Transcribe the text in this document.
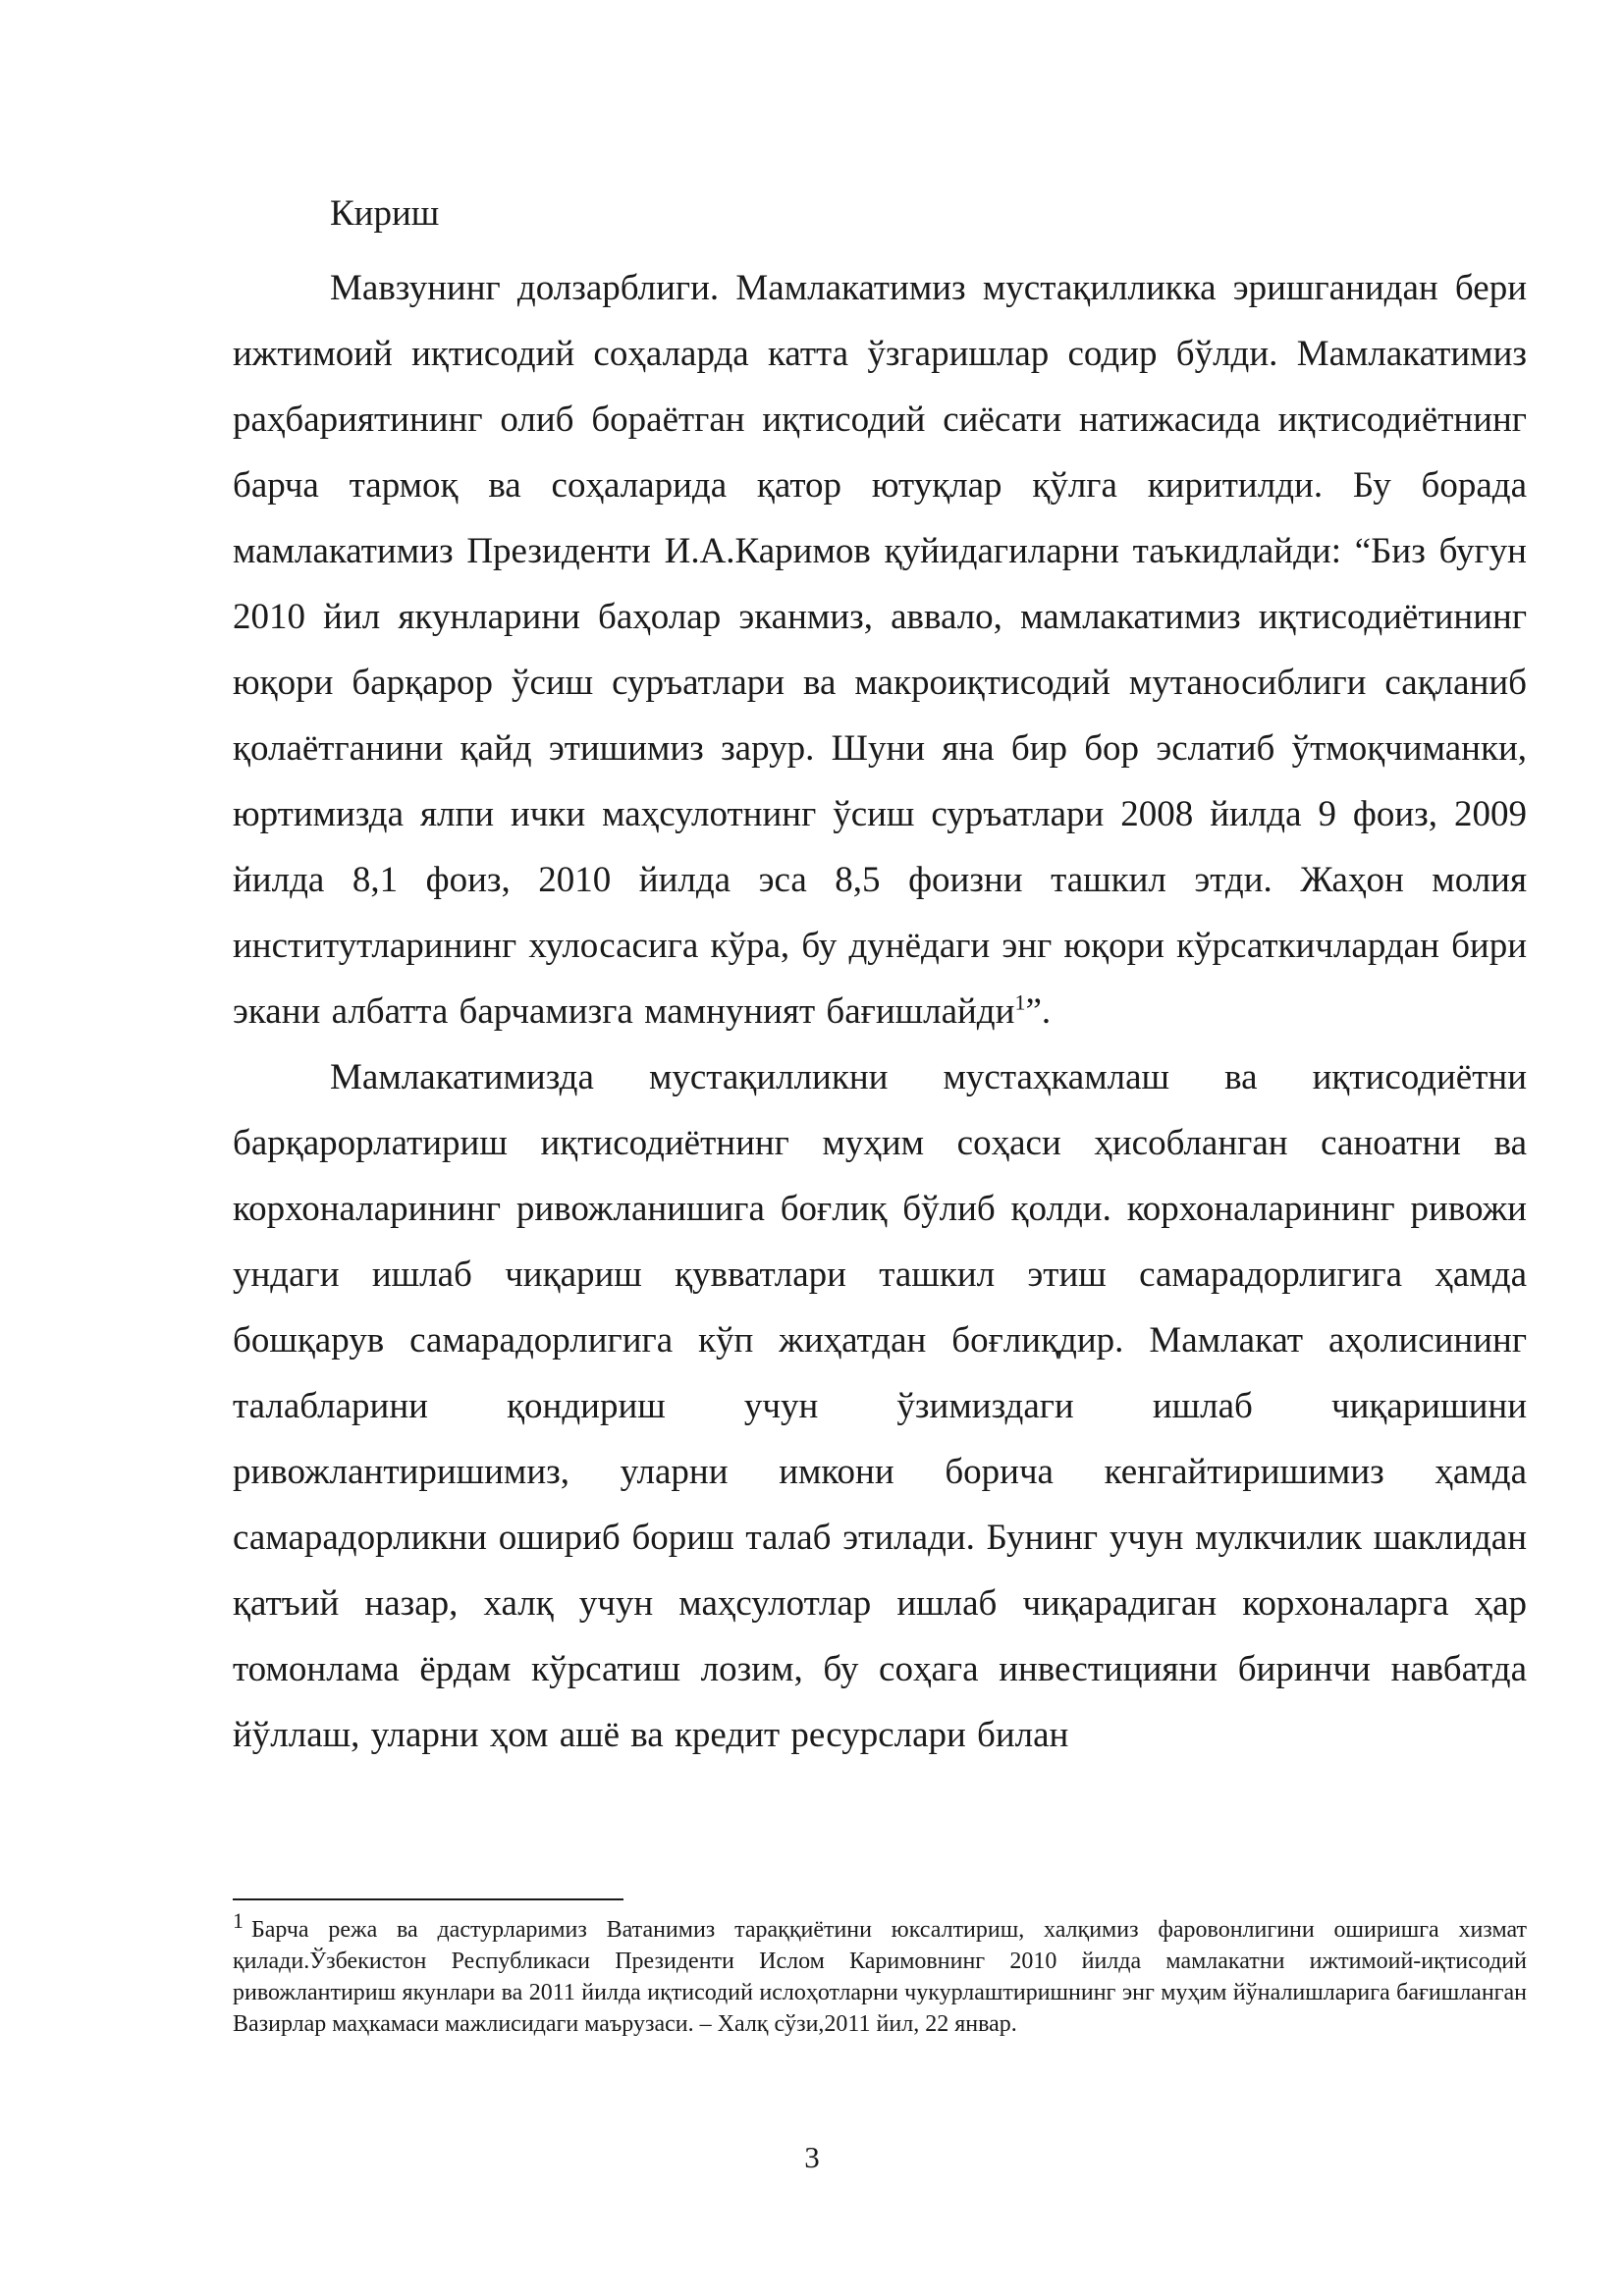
Кириш

Мавзунинг долзарблиги. Мамлакатимиз мустақилликка эришганидан бери ижтимоий иқтисодий соҳаларда катта ўзгаришлар содир бўлди. Мамлакатимиз раҳбариятининг олиб бораётган иқтисодий сиёсати натижасида иқтисодиётнинг барча тармоқ ва соҳаларида қатор ютуқлар қўлга киритилди. Бу борада мамлакатимиз Президенти И.А.Каримов қуйидагиларни таъкидлайди: “Биз бугун 2010 йил якунларини баҳолар эканмиз, аввало, мамлакатимиз иқтисодиётининг юқори барқарор ўсиш суръатлари ва макроиқтисодий мутаносиблиги сақланиб қолаётганини қайд этишимиз зарур. Шуни яна бир бор эслатиб ўтмоқчиманки, юртимизда ялпи ички маҳсулотнинг ўсиш суръатлари 2008 йилда 9 фоиз, 2009 йилда 8,1 фоиз, 2010 йилда эса 8,5 фоизни ташкил этди. Жаҳон молия институтларининг хулосасига кўра, бу дунёдаги энг юқори кўрсаткичлардан бири экани албатта барчамизга мамнуният бағишлайди$^1$”.

Мамлакатимизда мустақилликни мустаҳкамлаш ва иқтисодиётни барқарорлатириш иқтисодиётнинг муҳим соҳаси ҳисобланган саноатни ва корхоналарининг ривожланишига боғлиқ бўлиб қолди. корхоналарининг ривожи ундаги ишлаб чиқариш қувватлари ташкил этиш самарадорлигига ҳамда бошқарув самарадорлигига кўп жиҳатдан боғлиқдир. Мамлакат аҳолисининг талабларини қондириш учун ўзимиздаги ишлаб чиқаришини ривожлантиришимиз, уларни имкони борича кенгайтиришимиз ҳамда самарадорликни ошириб бориш талаб этилади. Бунинг учун мулкчилик шаклидан қатъий назар, халқ учун маҳсулотлар ишлаб чиқарадиган корхоналарга ҳар томонлама ёрдам кўрсатиш лозим, бу соҳага инвестицияни биринчи навбатда йўллаш, уларни ҳом ашё ва кредит ресурслари билан

1 Барча режа ва дастурларимиз Ватанимиз тараққиётини юксалтириш, халқимиз фаровонлигини оширишга хизмат қилади.Ўзбекистон Республикаси Президенти Ислом Каримовнинг 2010 йилда мамлакатни ижтимоий-иқтисодий ривожлантириш якунлари ва 2011 йилда иқтисодий ислоҳотларни чукурлаштиришнинг энг муҳим йўналишларига бағишланган Вазирлар маҳкамаси мажлисидаги маърузаси. – Халқ сўзи,2011 йил, 22 январ.
3
